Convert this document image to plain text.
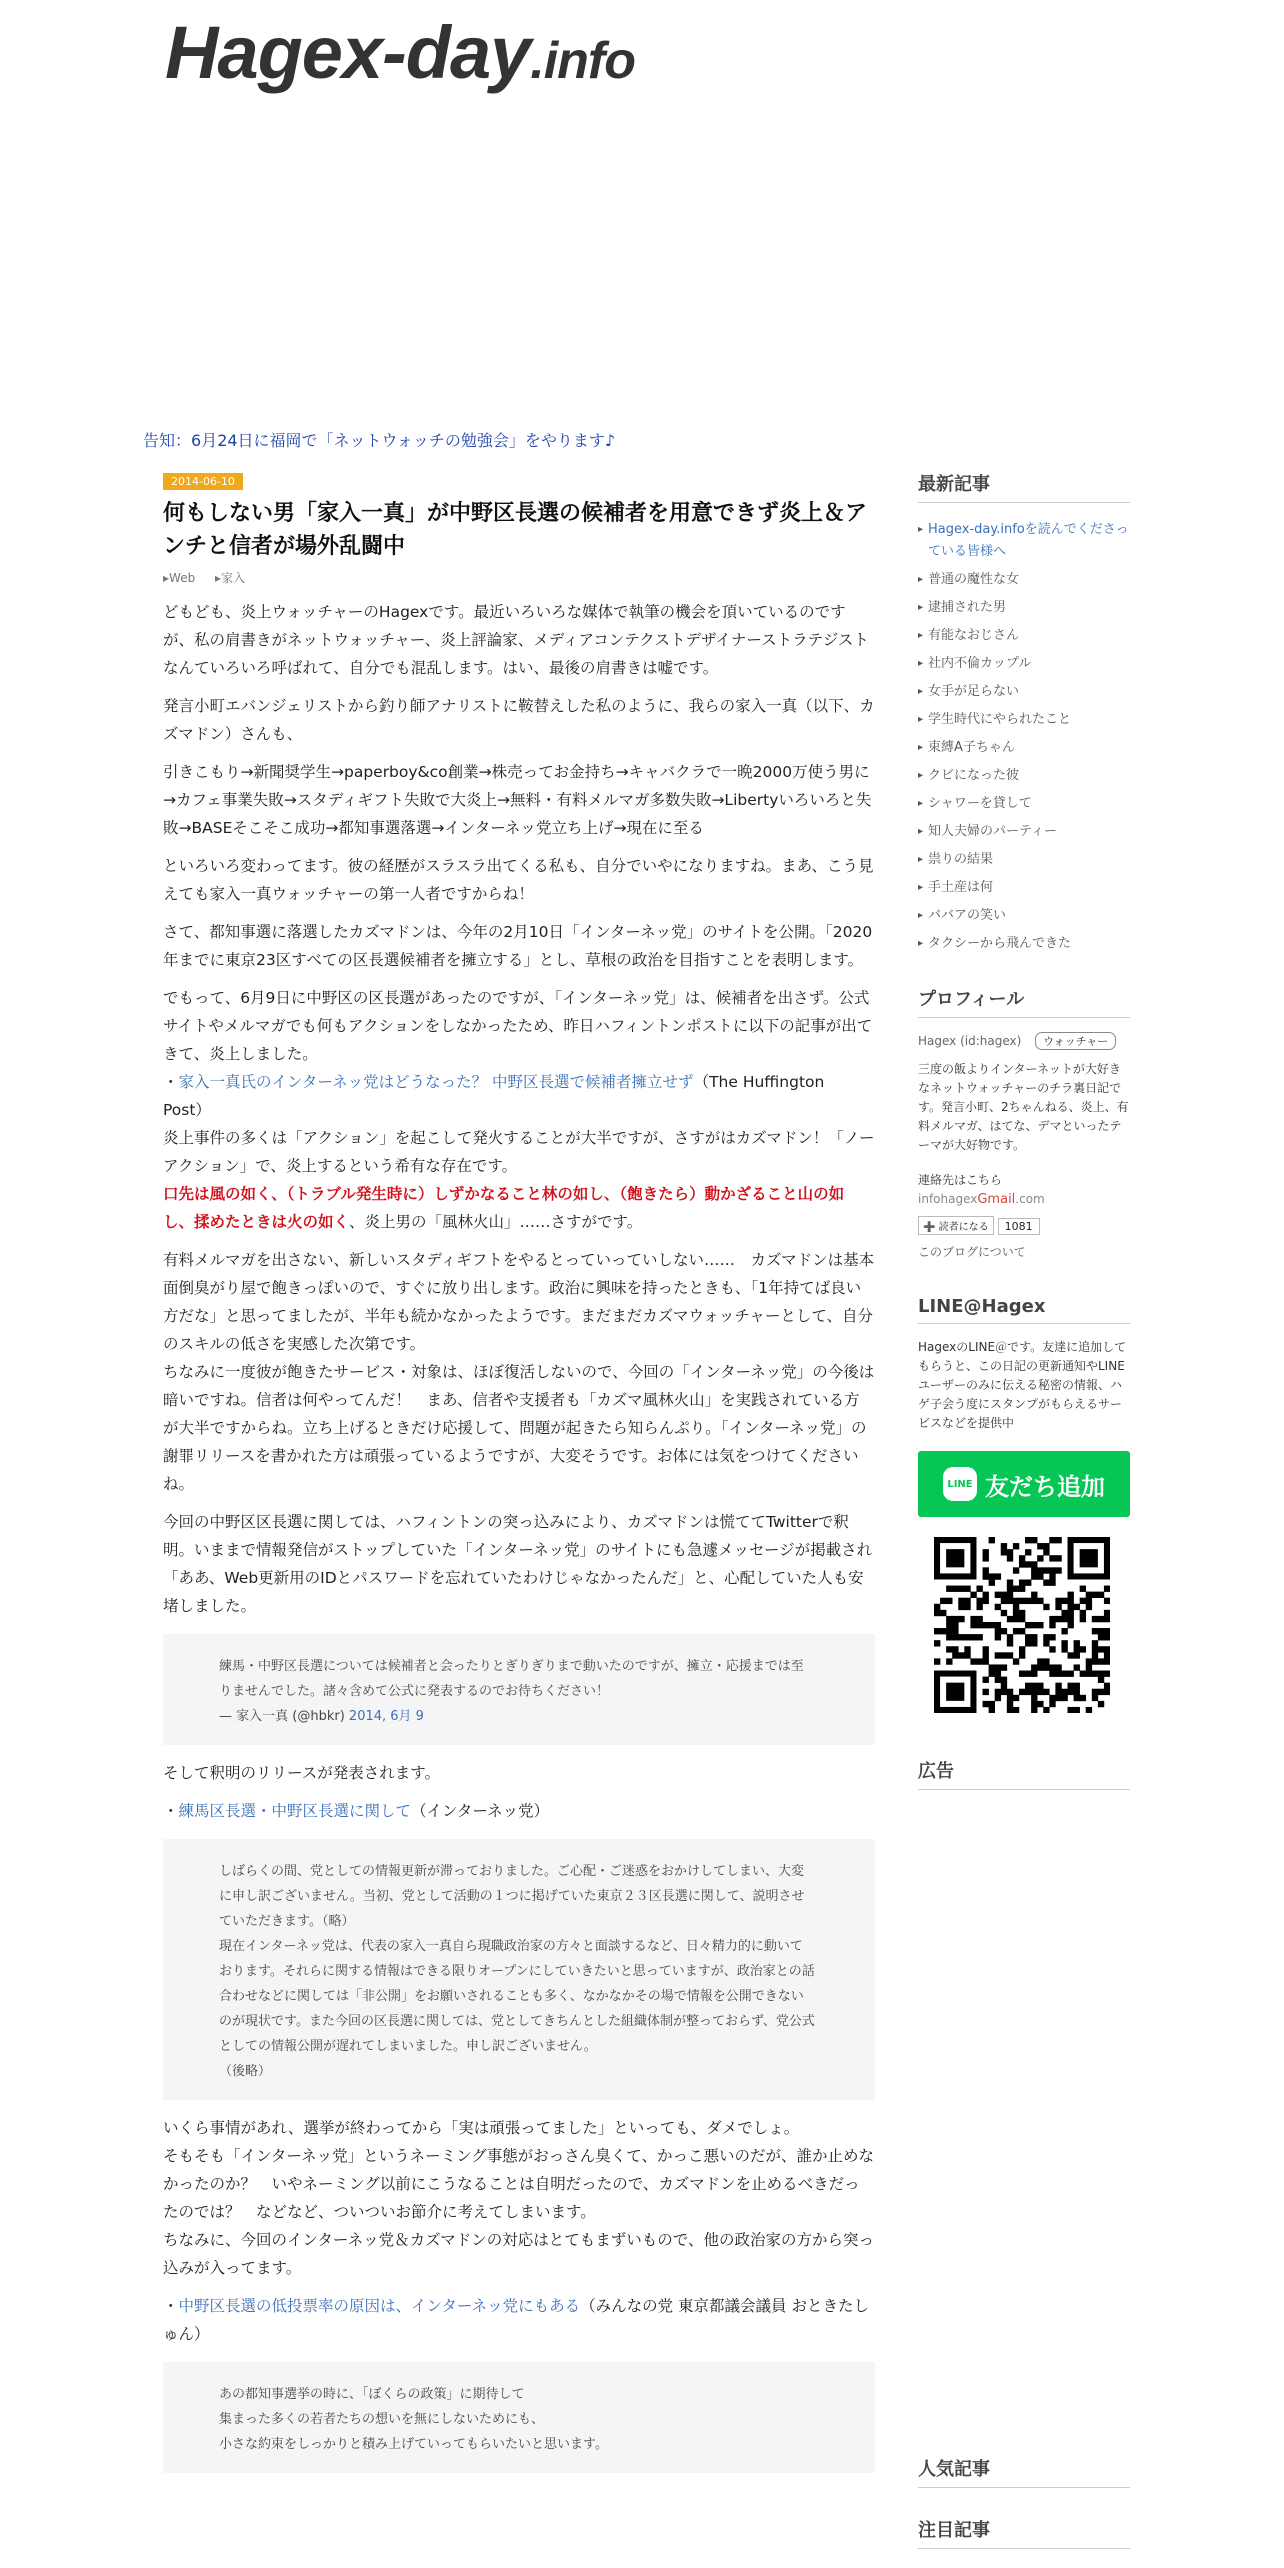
Hagex-day.info
告知：6月24日に福岡で「ネットウォッチの勉強会」をやります♪
2014-06-10
何もしない男「家入一真」が中野区長選の候補者を用意できず炎上＆アンチと信者が場外乱闘中
▸Web ▸家入

どもども、炎上ウォッチャーのHagexです。最近いろいろな媒体で執筆の機会を頂いているのですが、私の肩書きがネットウォッチャー、炎上評論家、メディアコンテクストデザイナーストラテジストなんていろいろ呼ばれて、自分でも混乱します。はい、最後の肩書きは嘘です。

発言小町エバンジェリストから釣り師アナリストに鞍替えした私のように、我らの家入一真（以下、カズマドン）さんも、

引きこもり→新聞奨学生→paperboy&co創業→株売ってお金持ち→キャバクラで一晩2000万使う男に→カフェ事業失敗→スタディギフト失敗で大炎上→無料・有料メルマガ多数失敗→Libertyいろいろと失敗→BASEそこそこ成功→都知事選落選→インターネッ党立ち上げ→現在に至る

といろいろ変わってます。彼の経歴がスラスラ出てくる私も、自分でいやになりますね。まあ、こう見えても家入一真ウォッチャーの第一人者ですからね！

さて、都知事選に落選したカズマドンは、今年の2月10日「インターネッ党」のサイトを公開。「2020年までに東京23区すべての区長選候補者を擁立する」とし、草根の政治を目指すことを表明します。

でもって、6月9日に中野区の区長選があったのですが、「インターネッ党」は、候補者を出さず。公式サイトやメルマガでも何もアクションをしなかったため、昨日ハフィントンポストに以下の記事が出てきて、炎上しました。
・家入一真氏のインターネッ党はどうなった？ 中野区長選で候補者擁立せず（The Huffington Post）
炎上事件の多くは「アクション」を起こして発火することが大半ですが、さすがはカズマドン！「ノーアクション」で、炎上するという希有な存在です。
口先は風の如く、（トラブル発生時に）しずかなること林の如し、（飽きたら）動かざること山の如し、揉めたときは火の如く、炎上男の「風林火山」……さすがです。

有料メルマガを出さない、新しいスタディギフトをやるとっていっていしない……　カズマドンは基本面倒臭がり屋で飽きっぽいので、すぐに放り出します。政治に興味を持ったときも、「1年持てば良い方だな」と思ってましたが、半年も続かなかったようです。まだまだカズマウォッチャーとして、自分のスキルの低さを実感した次第です。
ちなみに一度彼が飽きたサービス・対象は、ほぼ復活しないので、今回の「インターネッ党」の今後は暗いですね。信者は何やってんだ！　まあ、信者や支援者も「カズマ風林火山」を実践されている方が大半ですからね。立ち上げるときだけ応援して、問題が起きたら知らんぷり。「インターネッ党」の謝罪リリースを書かれた方は頑張っているようですが、大変そうです。お体には気をつけてくださいね。

今回の中野区区長選に関しては、ハフィントンの突っ込みにより、カズマドンは慌ててTwitterで釈明。いままで情報発信がストップしていた「インターネッ党」のサイトにも急遽メッセージが掲載され「ああ、Web更新用のIDとパスワードを忘れていたわけじゃなかったんだ」と、心配していた人も安堵しました。

練馬・中野区長選については候補者と会ったりとぎりぎりまで動いたのですが、擁立・応援までは至りませんでした。諸々含めて公式に発表するのでお待ちください！

— 家入一真 (@hbkr) 2014, 6月 9

そして釈明のリリースが発表されます。

・練馬区長選・中野区長選に関して（インターネッ党）

しばらくの間、党としての情報更新が滞っておりました。ご心配・ご迷惑をおかけしてしまい、大変に申し訳ございません。当初、党として活動の１つに掲げていた東京２３区長選に関して、説明させていただきます。（略）

現在インターネッ党は、代表の家入一真自ら現職政治家の方々と面談するなど、日々精力的に動いております。それらに関する情報はできる限りオープンにしていきたいと思っていますが、政治家との話合わせなどに関しては「非公開」をお願いされることも多く、なかなかその場で情報を公開できないのが現状です。また今回の区長選に関しては、党としてきちんとした組織体制が整っておらず、党公式としての情報公開が遅れてしまいました。申し訳ございません。

（後略）

いくら事情があれ、選挙が終わってから「実は頑張ってました」といっても、ダメでしょ。
そもそも「インターネッ党」というネーミング事態がおっさん臭くて、かっこ悪いのだが、誰か止めなかったのか？　いやネーミング以前にこうなることは自明だったので、カズマドンを止めるべきだったのでは？　などなど、ついついお節介に考えてしまいます。
ちなみに、今回のインターネッ党＆カズマドンの対応はとてもまずいもので、他の政治家の方から突っ込みが入ってます。

・中野区長選の低投票率の原因は、インターネッ党にもある（みんなの党 東京都議会議員 おときたしゅん）

あの都知事選挙の時に、「ぼくらの政策」に期待して

集まった多くの若者たちの想いを無にしないためにも、

小さな約束をしっかりと積み上げていってもらいたいと思います。

最新記事
▸ Hagex-day.infoを読んでくださっている皆様へ
▸ 普通の魔性な女
▸ 逮捕された男
▸ 有能なおじさん
▸ 社内不倫カップル
▸ 女手が足らない
▸ 学生時代にやられたこと
▸ 束縛A子ちゃん
▸ クビになった彼
▸ シャワーを貸して
▸ 知人夫婦のパーティー
▸ 祟りの結果
▸ 手土産は何
▸ ババアの笑い
▸ タクシーから飛んできた
プロフィール
Hagex (id:hagex) ウォッチャー
三度の飯よりインターネットが大好きなネットウォッチャーのチラ裏日記です。発言小町、2ちゃんねる、炎上、有料メルマガ、はてな、デマといったテーマが大好物です。
連絡先はこちら
infohagexGmail.com
➕ 読者になる 1081
このブログについて
LINE@Hagex
HagexのLINE＠です。友達に追加してもらうと、この日記の更新通知やLINEユーザーのみに伝える秘密の情報、ハゲ子会う度にスタンプがもらえるサービスなどを提供中
LINE 友だち追加
広告
人気記事
注目記事
